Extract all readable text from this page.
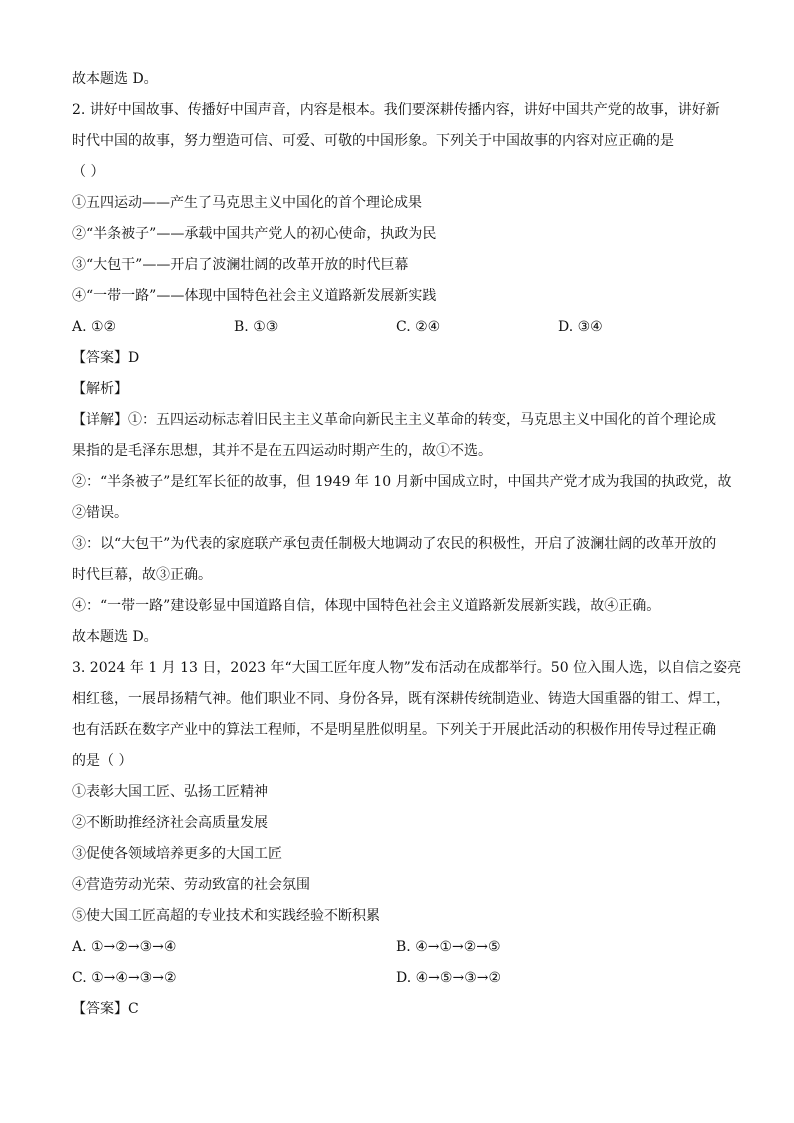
故本题选 D。
2. 讲好中国故事、传播好中国声音，内容是根本。我们要深耕传播内容，讲好中国共产党的故事，讲好新
时代中国的故事，努力塑造可信、可爱、可敬的中国形象。下列关于中国故事的内容对应正确的是
（ ）
①五四运动——产生了马克思主义中国化的首个理论成果
②“半条被子”——承载中国共产党人的初心使命，执政为民
③“大包干”——开启了波澜壮阔的改革开放的时代巨幕
④“一带一路”——体现中国特色社会主义道路新发展新实践
A. ①②	B. ①③	C. ②④	D. ③④
【答案】D
【解析】
【详解】①：五四运动标志着旧民主主义革命向新民主主义革命的转变，马克思主义中国化的首个理论成
果指的是毛泽东思想，其并不是在五四运动时期产生的，故①不选。
②：“半条被子”是红军长征的故事，但 1949 年 10 月新中国成立时，中国共产党才成为我国的执政党，故
②错误。
③：以“大包干”为代表的家庭联产承包责任制极大地调动了农民的积极性，开启了波澜壮阔的改革开放的
时代巨幕，故③正确。
④：“一带一路”建设彰显中国道路自信，体现中国特色社会主义道路新发展新实践，故④正确。
故本题选 D。
3. 2024 年 1 月 13 日，2023 年“大国工匠年度人物”发布活动在成都举行。50 位入围人选，以自信之姿亮
相红毯，一展昂扬精气神。他们职业不同、身份各异，既有深耕传统制造业、铸造大国重器的钳工、焊工，
也有活跃在数字产业中的算法工程师，不是明星胜似明星。下列关于开展此活动的积极作用传导过程正确
的是（ ）
①表彰大国工匠、弘扬工匠精神
②不断助推经济社会高质量发展
③促使各领域培养更多的大国工匠
④营造劳动光荣、劳动致富的社会氛围
⑤使大国工匠高超的专业技术和实践经验不断积累
A. ①→②→③→④	B. ④→①→②→⑤
C. ①→④→③→②	D. ④→⑤→③→②
【答案】C
